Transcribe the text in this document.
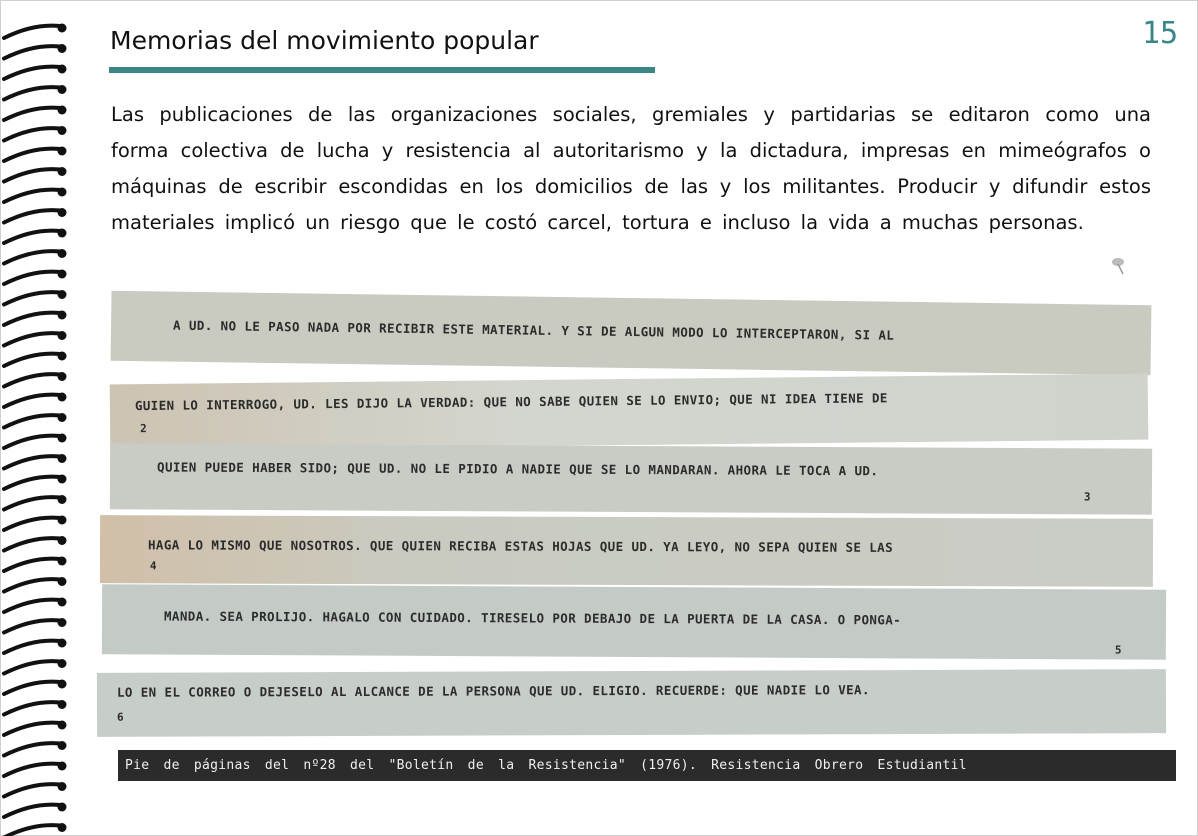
Memorias del movimiento popular	15
Las publicaciones de las organizaciones sociales, gremiales y partidarias se editaron como una forma colectiva de lucha y resistencia al autoritarismo y la dictadura, impresas en mimeógrafos o máquinas de escribir escondidas en los domicilios de las y los militantes. Producir y difundir estos materiales implicó un riesgo que le costó carcel, tortura e incluso la vida a muchas personas.
A UD. NO LE PASO NADA POR RECIBIR ESTE MATERIAL. Y SI DE ALGUN MODO LO INTERCEPTARON, SI AL
GUIEN LO INTERROGO, UD. LES DIJO LA VERDAD: QUE NO SABE QUIEN SE LO ENVIO; QUE NI IDEA TIENE DE
2
QUIEN PUEDE HABER SIDO; QUE UD. NO LE PIDIO A NADIE QUE SE LO MANDARAN. AHORA LE TOCA A UD.
3
HAGA LO MISMO QUE NOSOTROS. QUE QUIEN RECIBA ESTAS HOJAS QUE UD. YA LEYO, NO SEPA QUIEN SE LAS
4
MANDA. SEA PROLIJO. HAGALO CON CUIDADO. TIRESELO POR DEBAJO DE LA PUERTA DE LA CASA. O PONGA-
5
LO EN EL CORREO O DEJESELO AL ALCANCE DE LA PERSONA QUE UD. ELIGIO. RECUERDE: QUE NADIE LO VEA.
6
Pie de páginas del nº28 del "Boletín de la Resistencia" (1976). Resistencia Obrero Estudiantil
